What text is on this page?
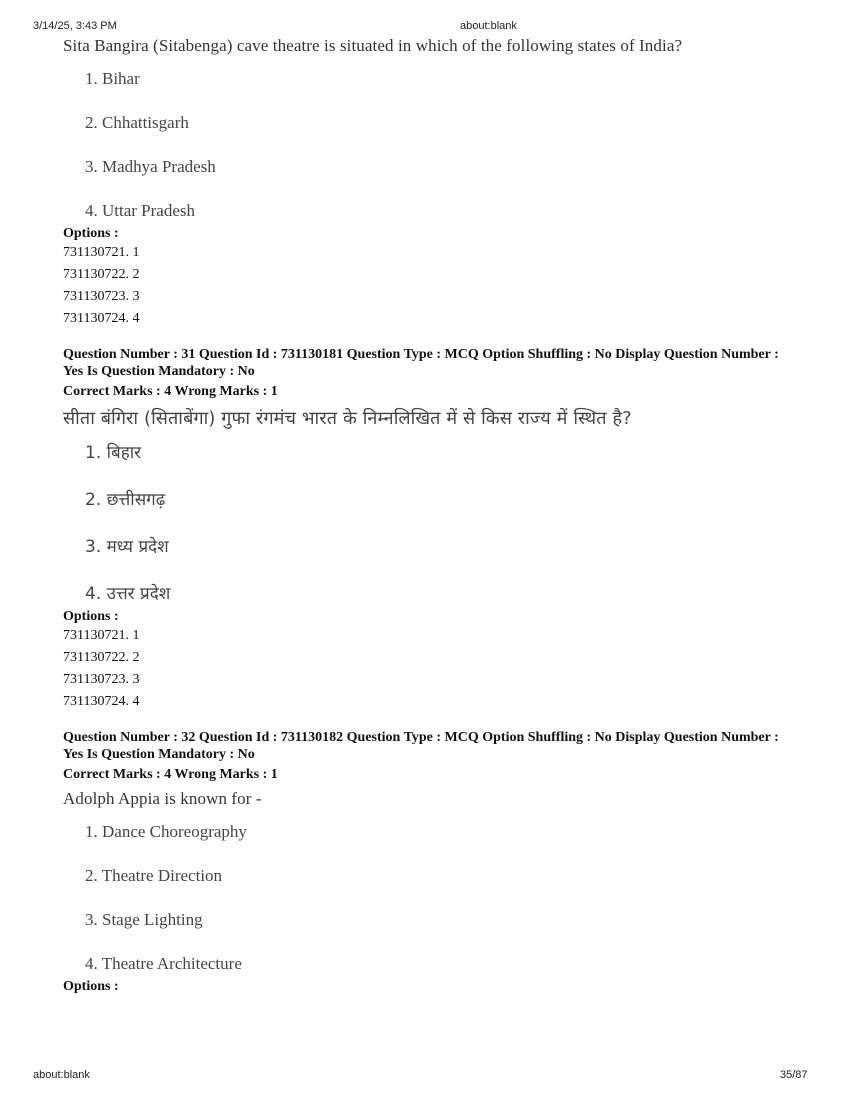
3/14/25, 3:43 PM	about:blank

Sita Bangira (Sitabenga) cave theatre is situated in which of the following states of India?

1. Bihar
2. Chhattisgarh
3. Madhya Pradesh
4. Uttar Pradesh
Options :
731130721. 1
731130722. 2
731130723. 3
731130724. 4
Question Number : 31 Question Id : 731130181 Question Type : MCQ Option Shuffling : No Display Question Number : Yes Is Question Mandatory : No
Correct Marks : 4 Wrong Marks : 1

सीता बंगिरा (सिताबेंगा) गुफा रंगमंच भारत के निम्नलिखित में से किस राज्य में स्थित है?

1. बिहार
2. छत्तीसगढ़
3. मध्य प्रदेश
4. उत्तर प्रदेश
Options :
731130721. 1
731130722. 2
731130723. 3
731130724. 4
Question Number : 32 Question Id : 731130182 Question Type : MCQ Option Shuffling : No Display Question Number : Yes Is Question Mandatory : No
Correct Marks : 4 Wrong Marks : 1

Adolph Appia is known for -

1. Dance Choreography
2. Theatre Direction
3. Stage Lighting
4. Theatre Architecture
Options :
about:blank	35/87
